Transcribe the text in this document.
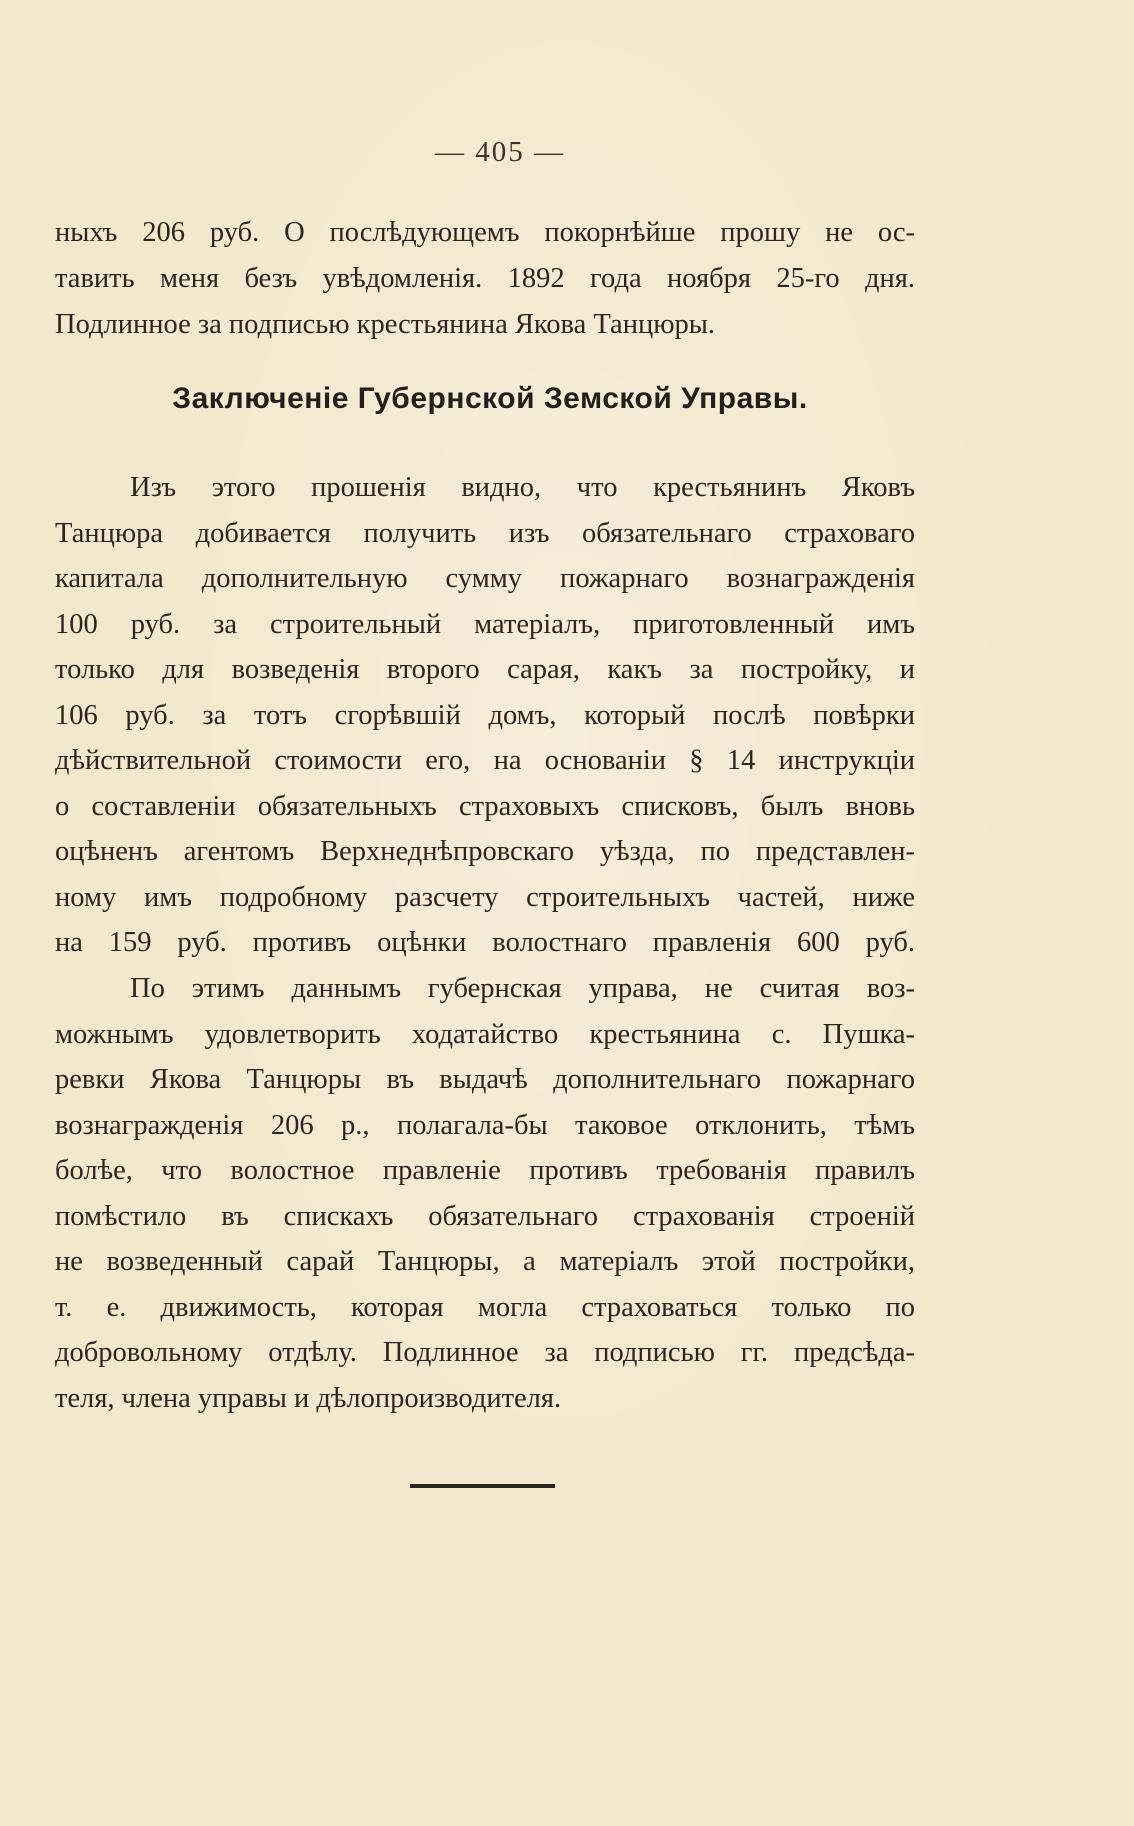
— 405 —
ныхъ 206 руб. О послѣдующемъ покорнѣйше прошу не ос-
тавить меня безъ увѣдомленія. 1892 года ноября 25-го дня.
Подлинное за подписью крестьянина Якова Танцюры.
Заключеніе Губернской Земской Управы.
Изъ этого прошенія видно, что крестьянинъ Яковъ
Танцюра добивается получить изъ обязательнаго страховаго
капитала дополнительную сумму пожарнаго вознагражденія
100 руб. за строительный матеріалъ, приготовленный имъ
только для возведенія второго сарая, какъ за постройку, и
106 руб. за тотъ сгорѣвшій домъ, который послѣ повѣрки
дѣйствительной стоимости его, на основаніи § 14 инструкціи
о составленіи обязательныхъ страховыхъ списковъ, былъ вновь
оцѣненъ агентомъ Верхнеднѣпровскаго уѣзда, по представлен-
ному имъ подробному разсчету строительныхъ частей, ниже
на 159 руб. противъ оцѣнки волостнаго правленія 600 руб.
По этимъ даннымъ губернская управа, не считая воз-
можнымъ удовлетворить ходатайство крестьянина с. Пушка-
ревки Якова Танцюры въ выдачѣ дополнительнаго пожарнаго
вознагражденія 206 р., полагала-бы таковое отклонить, тѣмъ
болѣе, что волостное правленіе противъ требованія правилъ
помѣстило въ спискахъ обязательнаго страхованія строеній
не возведенный сарай Танцюры, а матеріалъ этой постройки,
т. е. движимость, которая могла страховаться только по
добровольному отдѣлу. Подлинное за подписью гг. предсѣда-
теля, члена управы и дѣлопроизводителя.
